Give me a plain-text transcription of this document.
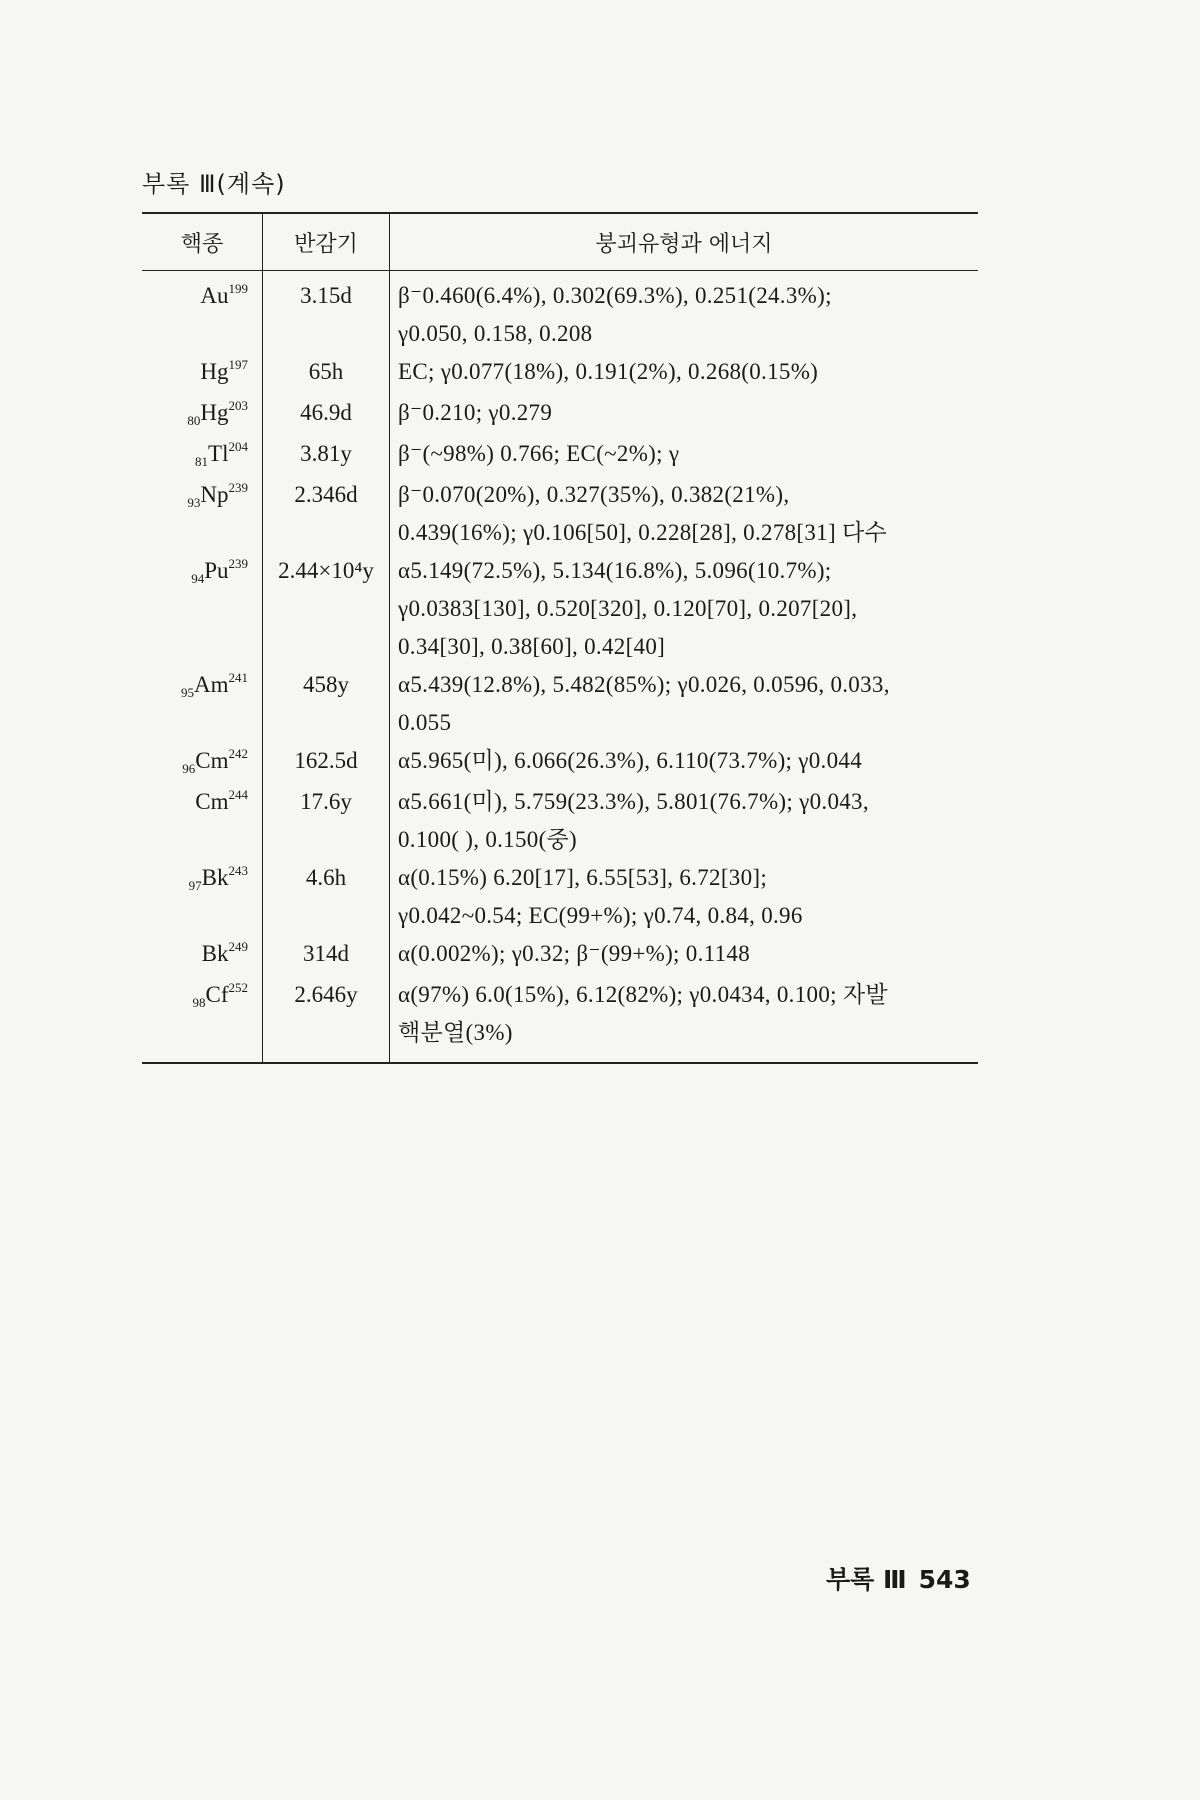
부록 Ⅲ(계속)
핵종	반감기	붕괴유형과 에너지
Au$^{199}$	3.15d	β⁻0.460(6.4%), 0.302(69.3%), 0.251(24.3%);
γ0.050, 0.158, 0.208

Hg$^{197}$	65h	EC; γ0.077(18%), 0.191(2%), 0.268(0.15%)

$_{80}Hg^{203}$	46.9d	β⁻0.210; γ0.279

$_{81}Tl^{204}$	3.81y	β⁻(~98%) 0.766; EC(~2%); γ

$_{93}Np^{239}$	2.346d	β⁻0.070(20%), 0.327(35%), 0.382(21%),
0.439(16%); γ0.106[50], 0.228[28], 0.278[31] 다수

$_{94}Pu^{239}$	2.44×10⁴y	α5.149(72.5%), 5.134(16.8%), 5.096(10.7%);
γ0.0383[130], 0.520[320], 0.120[70], 0.207[20],
0.34[30], 0.38[60], 0.42[40]

$_{95}Am^{241}$	458y	α5.439(12.8%), 5.482(85%); γ0.026, 0.0596, 0.033,
0.055

$_{96}Cm^{242}$	162.5d	α5.965(미), 6.066(26.3%), 6.110(73.7%); γ0.044

Cm$^{244}$	17.6y	α5.661(미), 5.759(23.3%), 5.801(76.7%); γ0.043,
0.100( ), 0.150(중)

$_{97}Bk^{243}$	4.6h	α(0.15%) 6.20[17], 6.55[53], 6.72[30];
γ0.042~0.54; EC(99+%); γ0.74, 0.84, 0.96

Bk$^{249}$	314d	α(0.002%); γ0.32; β⁻(99+%); 0.1148

$_{98}Cf^{252}$	2.646y	α(97%) 6.0(15%), 6.12(82%); γ0.0434, 0.100; 자발
핵분열(3%)
부록 Ⅲ 543
